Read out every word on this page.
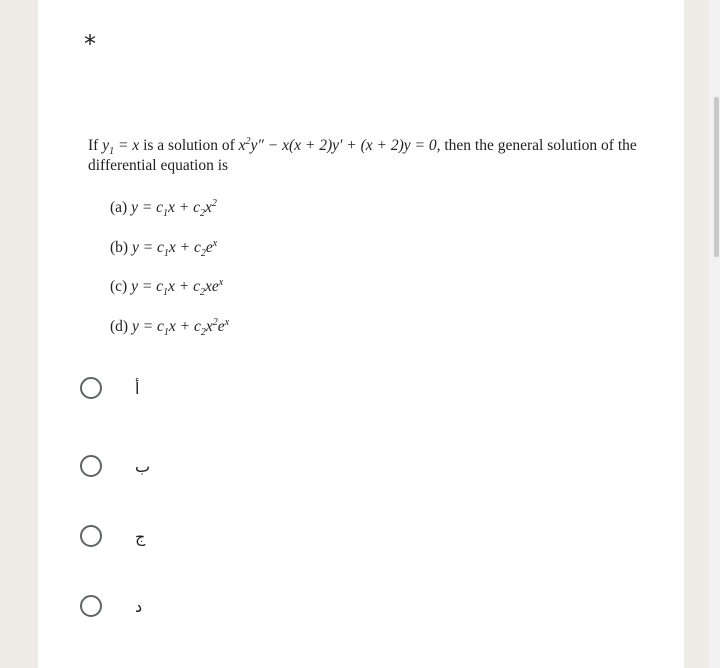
*
If $y_1 = x$ is a solution of $x^2y'' - x(x + 2)y' + (x + 2)y = 0$, then the general solution of the differential equation is
(a) $y = c_1x + c_2x^2$
(b) $y = c_1x + c_2e^x$
(c) $y = c_1x + c_2xe^x$
(d) $y = c_1x + c_2x^2e^x$
أ
ب
ج
د
